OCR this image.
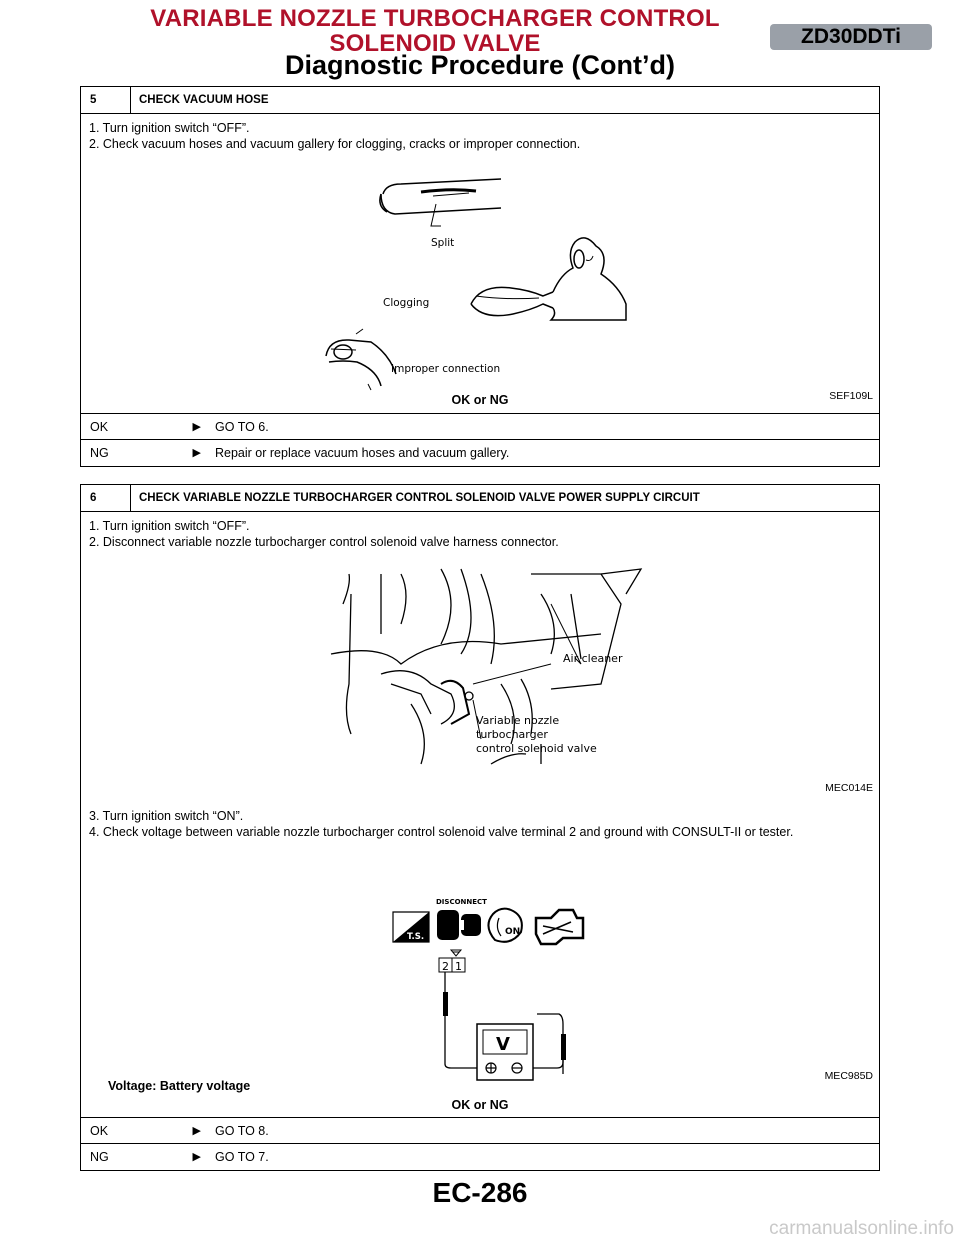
VARIABLE NOZZLE TURBOCHARGER CONTROL
SOLENOID VALVE	ZD30DDTi
Diagnostic Procedure (Cont’d)
5	CHECK VACUUM HOSE
1. Turn ignition switch “OFF”.
2. Check vacuum hoses and vacuum gallery for clogging, cracks or improper connection.
Split
Clogging
Improper connection
SEF109L
OK or NG
OK	▶	GO TO 6.
NG	▶	Repair or replace vacuum hoses and vacuum gallery.
6	CHECK VARIABLE NOZZLE TURBOCHARGER CONTROL SOLENOID VALVE POWER SUPPLY CIRCUIT
1. Turn ignition switch “OFF”.
2. Disconnect variable nozzle turbocharger control solenoid valve harness connector.
Air cleaner
Variable nozzle
turbocharger
control solenoid valve
MEC014E
3. Turn ignition switch “ON”.
4. Check voltage between variable nozzle turbocharger control solenoid valve terminal 2 and ground with CONSULT-II or tester.
T.S.
DISCONNECT
ON
2 1
V
MEC985D
Voltage: Battery voltage
OK or NG
OK	▶	GO TO 8.
NG	▶	GO TO 7.
EC-286
carmanualsonline.info
